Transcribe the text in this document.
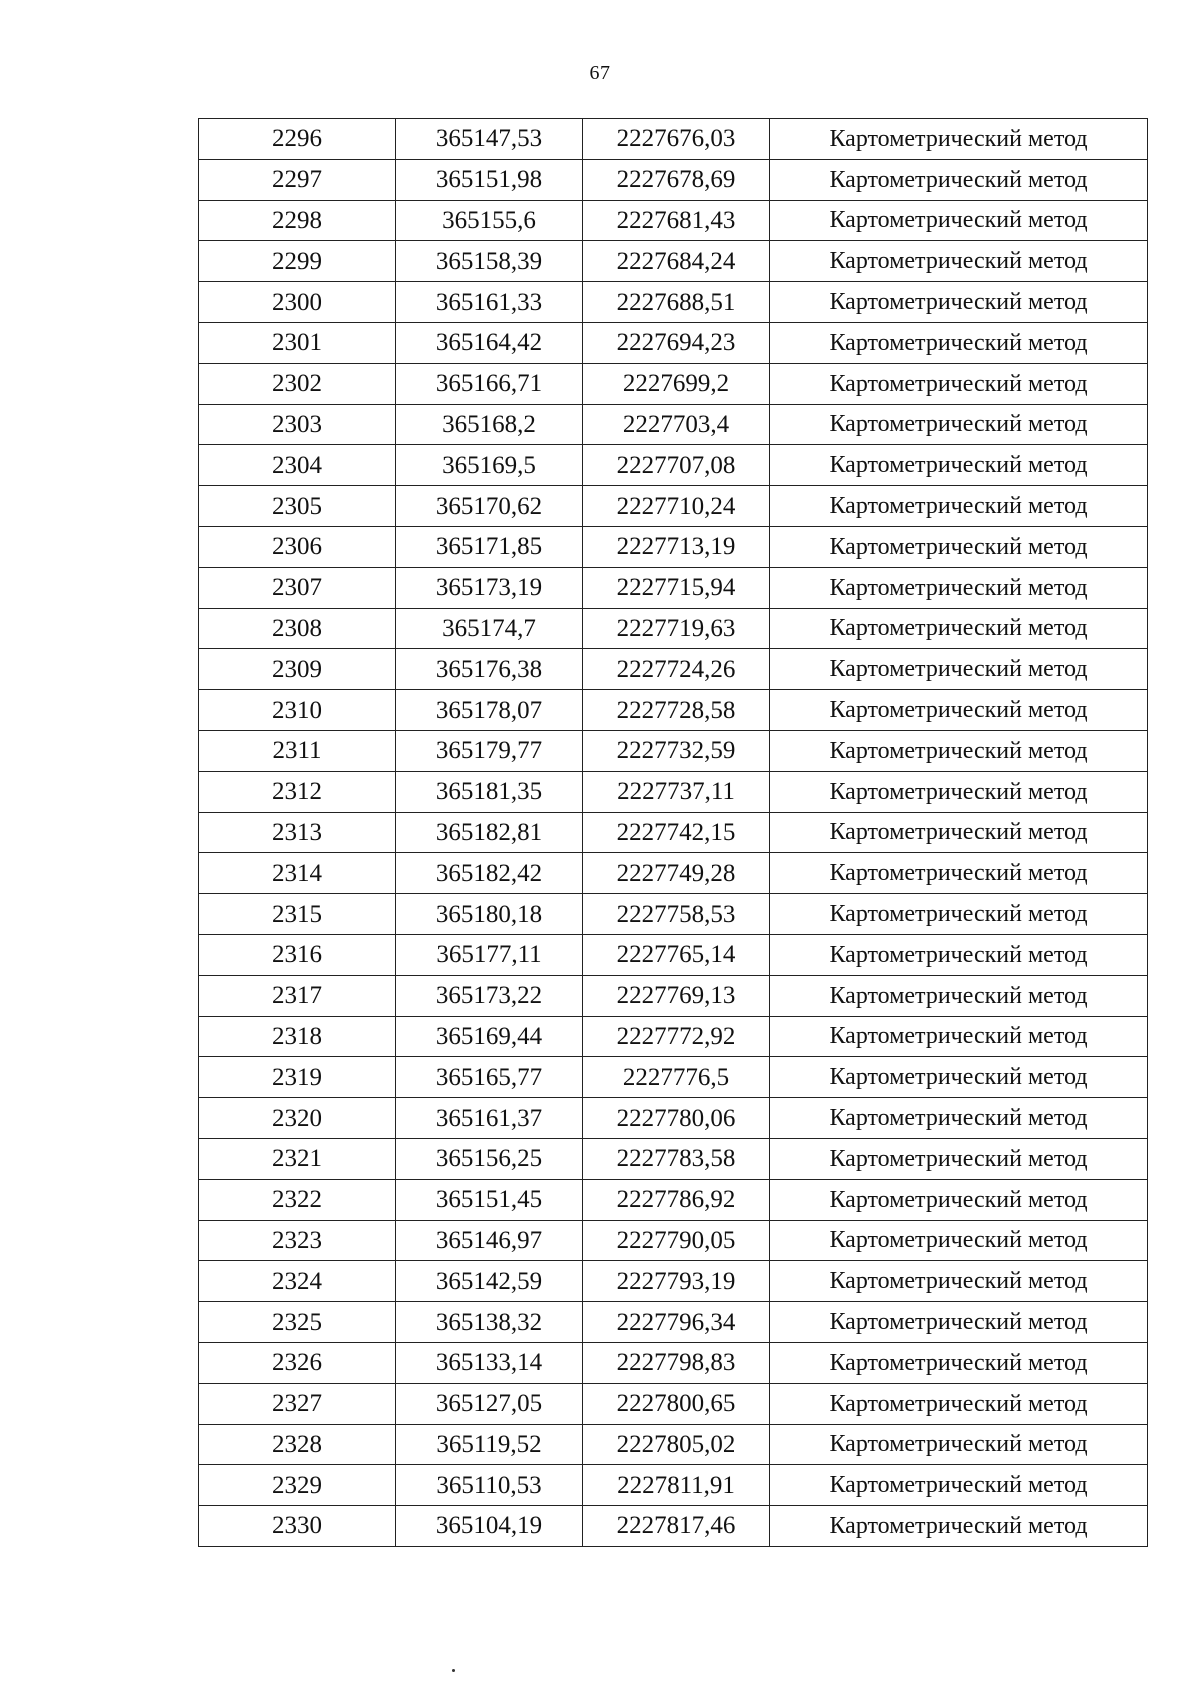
67
2296	365147,53	2227676,03	Картометрический метод
2297	365151,98	2227678,69	Картометрический метод
2298	365155,6	2227681,43	Картометрический метод
2299	365158,39	2227684,24	Картометрический метод
2300	365161,33	2227688,51	Картометрический метод
2301	365164,42	2227694,23	Картометрический метод
2302	365166,71	2227699,2	Картометрический метод
2303	365168,2	2227703,4	Картометрический метод
2304	365169,5	2227707,08	Картометрический метод
2305	365170,62	2227710,24	Картометрический метод
2306	365171,85	2227713,19	Картометрический метод
2307	365173,19	2227715,94	Картометрический метод
2308	365174,7	2227719,63	Картометрический метод
2309	365176,38	2227724,26	Картометрический метод
2310	365178,07	2227728,58	Картометрический метод
2311	365179,77	2227732,59	Картометрический метод
2312	365181,35	2227737,11	Картометрический метод
2313	365182,81	2227742,15	Картометрический метод
2314	365182,42	2227749,28	Картометрический метод
2315	365180,18	2227758,53	Картометрический метод
2316	365177,11	2227765,14	Картометрический метод
2317	365173,22	2227769,13	Картометрический метод
2318	365169,44	2227772,92	Картометрический метод
2319	365165,77	2227776,5	Картометрический метод
2320	365161,37	2227780,06	Картометрический метод
2321	365156,25	2227783,58	Картометрический метод
2322	365151,45	2227786,92	Картометрический метод
2323	365146,97	2227790,05	Картометрический метод
2324	365142,59	2227793,19	Картометрический метод
2325	365138,32	2227796,34	Картометрический метод
2326	365133,14	2227798,83	Картометрический метод
2327	365127,05	2227800,65	Картометрический метод
2328	365119,52	2227805,02	Картометрический метод
2329	365110,53	2227811,91	Картометрический метод
2330	365104,19	2227817,46	Картометрический метод
